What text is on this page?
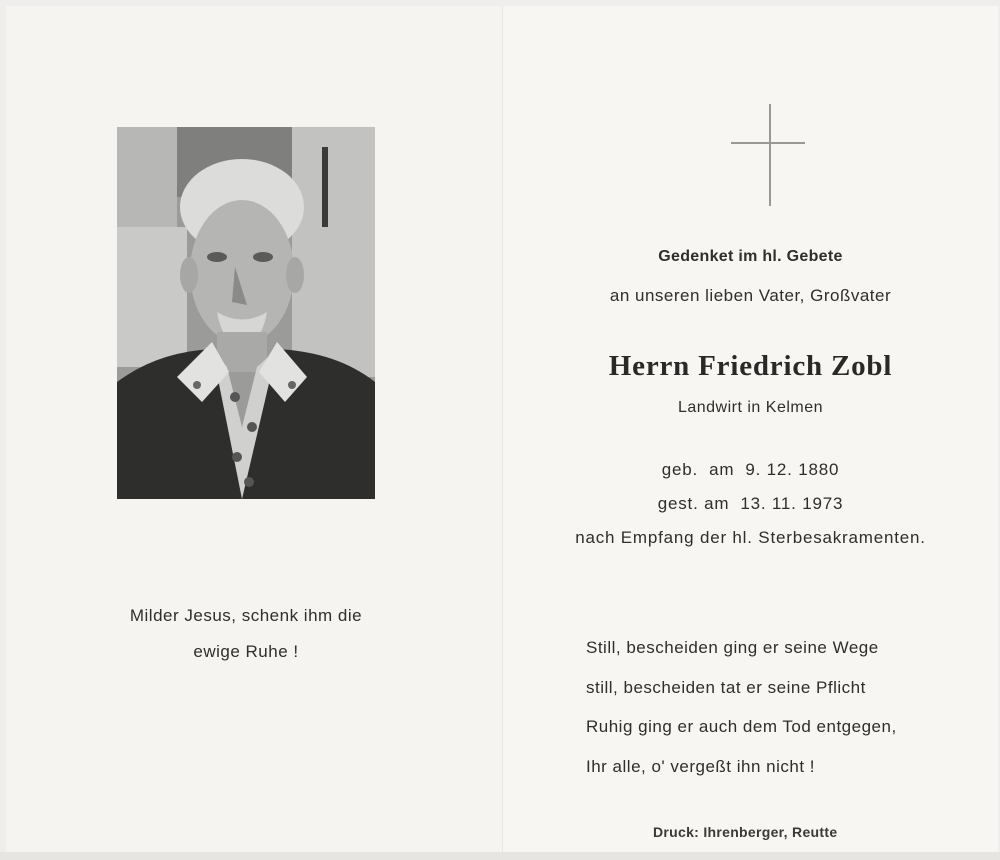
Milder Jesus, schenk ihm die
ewige Ruhe !
Gedenket im hl. Gebete
an unseren lieben Vater, Großvater
Herrn Friedrich Zobl
Landwirt in Kelmen
geb.  am  9. 12. 1880
gest. am  13. 11. 1973
nach Empfang der hl. Sterbesakramenten.
Still, bescheiden ging er seine Wege
still, bescheiden tat er seine Pflicht
Ruhig ging er auch dem Tod entgegen,
Ihr alle, o' vergeßt ihn nicht !
Druck: Ihrenberger, Reutte
